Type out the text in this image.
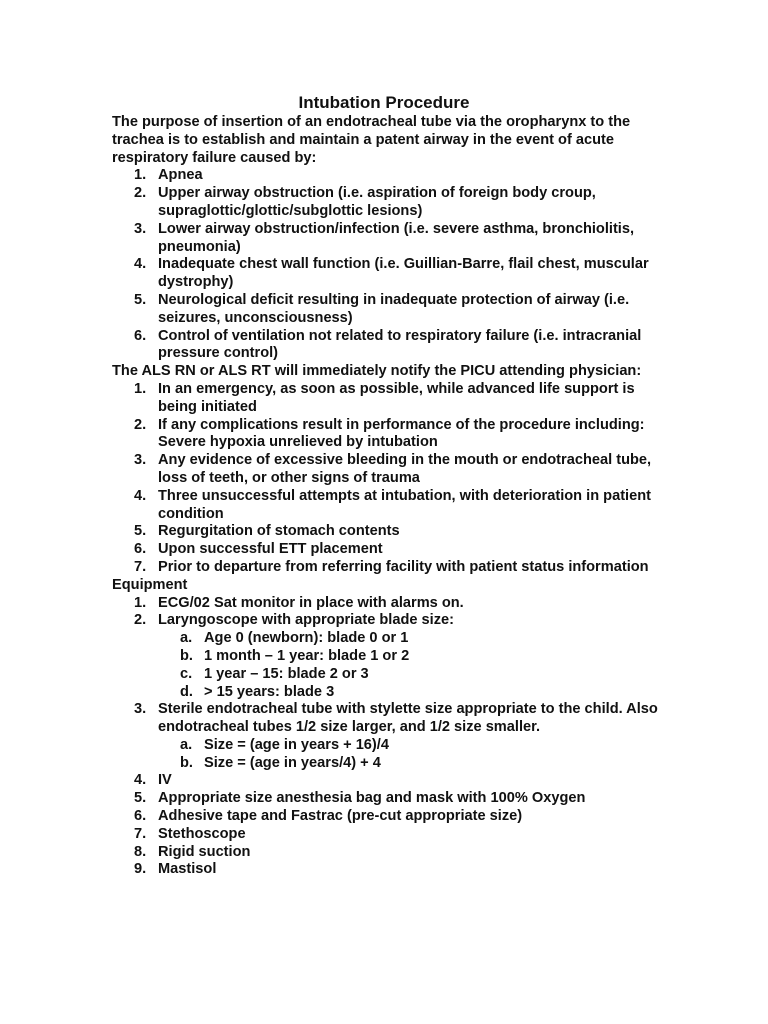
Intubation Procedure

The purpose of insertion of an endotracheal tube via the oropharynx to the trachea is to establish and maintain a patent airway in the event of acute respiratory failure caused by:

1. Apnea
2. Upper airway obstruction (i.e. aspiration of foreign body croup, supraglottic/glottic/subglottic lesions)
3. Lower airway obstruction/infection (i.e. severe asthma, bronchiolitis, pneumonia)
4. Inadequate chest wall function (i.e. Guillian-Barre, flail chest, muscular dystrophy)
5. Neurological deficit resulting in inadequate protection of airway (i.e. seizures, unconsciousness)
6. Control of ventilation not related to respiratory failure (i.e. intracranial pressure control)

The ALS RN or ALS RT will immediately notify the PICU attending physician:

1. In an emergency, as soon as possible, while advanced life support is being initiated
2. If any complications result in performance of the procedure including: Severe hypoxia unrelieved by intubation
3. Any evidence of excessive bleeding in the mouth or endotracheal tube, loss of teeth, or other signs of trauma
4. Three unsuccessful attempts at intubation, with deterioration in patient condition
5. Regurgitation of stomach contents
6. Upon successful ETT placement
7. Prior to departure from referring facility with patient status information

Equipment

1. ECG/02 Sat monitor in place with alarms on.
2. Laryngoscope with appropriate blade size:
a. Age 0 (newborn): blade 0 or 1
b. 1 month – 1 year: blade 1 or 2
c. 1 year – 15: blade 2 or 3
d. > 15 years: blade 3
3. Sterile endotracheal tube with stylette size appropriate to the child. Also endotracheal tubes 1/2 size larger, and 1/2 size smaller.
a. Size = (age in years + 16)/4
b. Size = (age in years/4) + 4
4. IV
5. Appropriate size anesthesia bag and mask with 100% Oxygen
6. Adhesive tape and Fastrac (pre-cut appropriate size)
7. Stethoscope
8. Rigid suction
9. Mastisol
